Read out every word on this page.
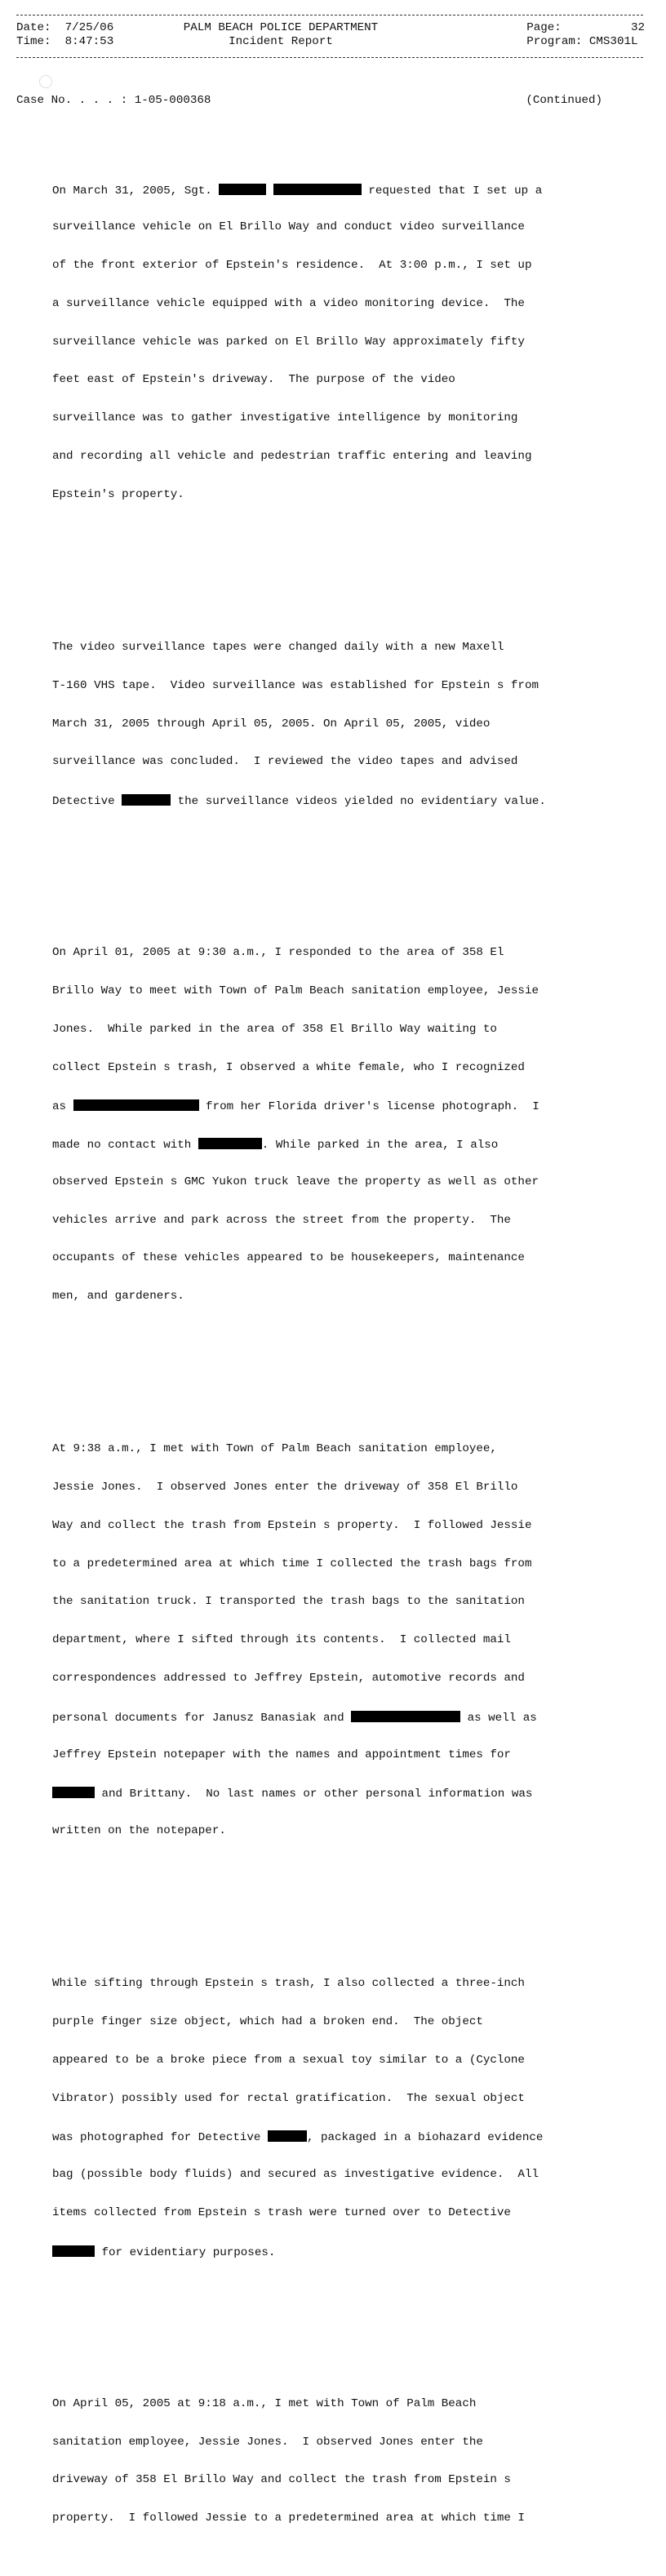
Date: 7/25/06
Time: 8:47:53
PALM BEACH POLICE DEPARTMENT
Incident Report
Page:	32
Program: CMS301L
Case No. . . . : 1-05-000368	(Continued)

On March 31, 2005, Sgt.	requested that I set up a

surveillance vehicle on El Brillo Way and conduct video surveillance

of the front exterior of Epstein's residence.  At 3:00 p.m., I set up

a surveillance vehicle equipped with a video monitoring device.  The

surveillance vehicle was parked on El Brillo Way approximately fifty

feet east of Epstein's driveway.  The purpose of the video

surveillance was to gather investigative intelligence by monitoring

and recording all vehicle and pedestrian traffic entering and leaving

Epstein's property.

The video surveillance tapes were changed daily with a new Maxell

T-160 VHS tape.  Video surveillance was established for Epstein s from

March 31, 2005 through April 05, 2005. On April 05, 2005, video

surveillance was concluded.  I reviewed the video tapes and advised

Detective	the surveillance videos yielded no evidentiary value.

On April 01, 2005 at 9:30 a.m., I responded to the area of 358 El

Brillo Way to meet with Town of Palm Beach sanitation employee, Jessie

Jones.  While parked in the area of 358 El Brillo Way waiting to

collect Epstein s trash, I observed a white female, who I recognized

as	from her Florida driver's license photograph.  I

made no contact with	. While parked in the area, I also

observed Epstein s GMC Yukon truck leave the property as well as other

vehicles arrive and park across the street from the property.  The

occupants of these vehicles appeared to be housekeepers, maintenance

men, and gardeners.

At 9:38 a.m., I met with Town of Palm Beach sanitation employee,

Jessie Jones.  I observed Jones enter the driveway of 358 El Brillo

Way and collect the trash from Epstein s property.  I followed Jessie

to a predetermined area at which time I collected the trash bags from

the sanitation truck. I transported the trash bags to the sanitation

department, where I sifted through its contents.  I collected mail

correspondences addressed to Jeffrey Epstein, automotive records and

personal documents for Janusz Banasiak and	as well as

Jeffrey Epstein notepaper with the names and appointment times for

and Brittany.  No last names or other personal information was

written on the notepaper.

While sifting through Epstein s trash, I also collected a three-inch

purple finger size object, which had a broken end.  The object

appeared to be a broke piece from a sexual toy similar to a (Cyclone

Vibrator) possibly used for rectal gratification.  The sexual object

was photographed for Detective	, packaged in a biohazard evidence

bag (possible body fluids) and secured as investigative evidence.  All

items collected from Epstein s trash were turned over to Detective

for evidentiary purposes.

On April 05, 2005 at 9:18 a.m., I met with Town of Palm Beach

sanitation employee, Jessie Jones.  I observed Jones enter the

driveway of 358 El Brillo Way and collect the trash from Epstein s

property.  I followed Jessie to a predetermined area at which time I
